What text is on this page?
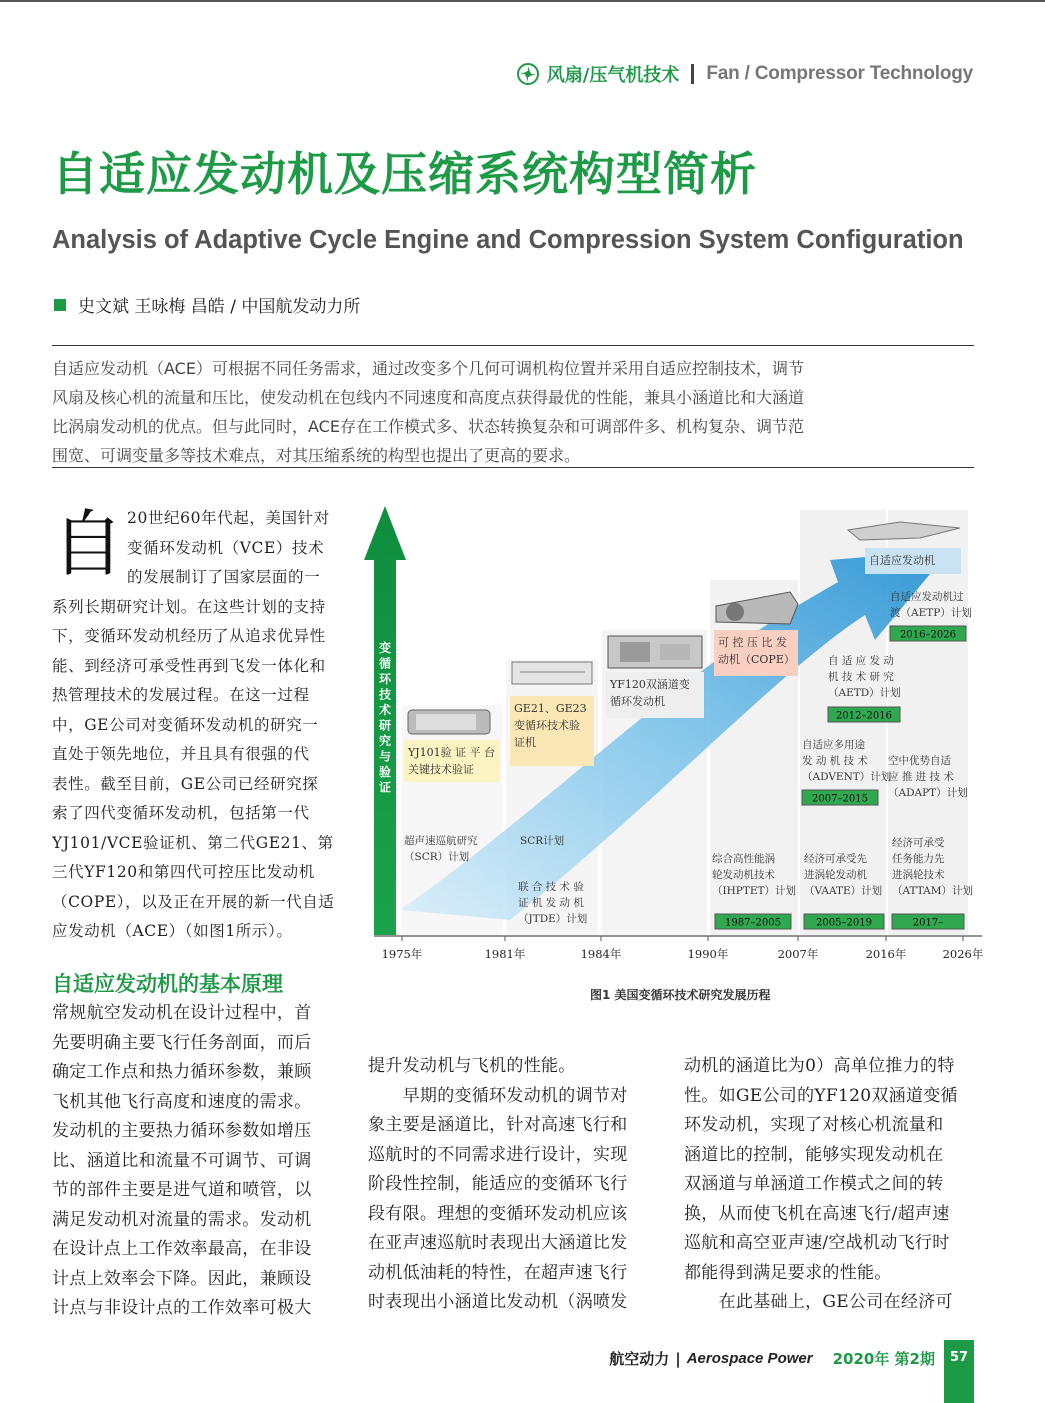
风扇/压气机技术 Fan / Compressor Technology
自适应发动机及压缩系统构型简析
Analysis of Adaptive Cycle Engine and Compression System Configuration
史文斌 王咏梅 昌皓 / 中国航发动力所
自适应发动机（ACE）可根据不同任务需求，通过改变多个几何可调机构位置并采用自适应控制技术，调节
风扇及核心机的流量和压比，使发动机在包线内不同速度和高度点获得最优的性能，兼具小涵道比和大涵道
比涡扇发动机的优点。但与此同时，ACE存在工作模式多、状态转换复杂和可调部件多、机构复杂、调节范
围宽、可调变量多等技术难点，对其压缩系统的构型也提出了更高的要求。
自 20世纪60年代起，美国针对
变循环发动机（VCE）技术
的发展制订了国家层面的一
系列长期研究计划。在这些计划的支持
下，变循环发动机经历了从追求优异性
能、到经济可承受性再到飞发一体化和
热管理技术的发展过程。在这一过程
中，GE公司对变循环发动机的研究一
直处于领先地位，并且具有很强的代
表性。截至目前，GE公司已经研究探
索了四代变循环发动机，包括第一代
YJ101/VCE验证机、第二代GE21、第
三代YF120和第四代可控压比发动机
（COPE），以及正在开展的新一代自适
应发动机（ACE）（如图1所示）。
自适应发动机的基本原理
常规航空发动机在设计过程中，首
先要明确主要飞行任务剖面，而后
确定工作点和热力循环参数，兼顾
飞机其他飞行高度和速度的需求。
发动机的主要热力循环参数如增压
比、涵道比和流量不可调节、可调
节的部件主要是进气道和喷管，以
满足发动机对流量的需求。发动机
在设计点上工作效率最高，在非设
计点上效率会下降。因此，兼顾设
计点与非设计点的工作效率可极大
提升发动机与飞机的性能。
　　早期的变循环发动机的调节对
象主要是涵道比，针对高速飞行和
巡航时的不同需求进行设计，实现
阶段性控制，能适应的变循环飞行
段有限。理想的变循环发动机应该
在亚声速巡航时表现出大涵道比发
动机低油耗的特性，在超声速飞行
时表现出小涵道比发动机（涡喷发
动机的涵道比为0）高单位推力的特
性。如GE公司的YF120双涵道变循
环发动机，实现了对核心机流量和
涵道比的控制，能够实现发动机在
双涵道与单涵道工作模式之间的转
换，从而使飞机在高速飞行/超声速
巡航和高空亚声速/空战机动飞行时
都能得到满足要求的性能。
　　在此基础上，GE公司在经济可
变
循
环
技
术
研
究
与
验
证
1975年	1981年	1984年	1990年	2007年	2016年	2026年
YJ101验 证 平 台
关键技术验证
GE21、GE23
变循环技术验
证机
YF120双涵道变
循环发动机
可 控 压 比 发
动机（COPE）
自适应发动机
超声速巡航研究
（SCR）计划
SCR计划
联 合 技 术 验
证 机 发 动 机
（JTDE）计划
综合高性能涡
轮发动机技术
（IHPTET）计划
1987–2005
经济可承受先
进涡轮发动机
（VAATE）计划
2005–2019
经济可承受
任务能力先
进涡轮技术
（ATTAM）计划
2017–
自适应多用途
发 动 机 技 术
（ADVENT）计划
2007–2015
空中优势自适
应 推 进 技 术
（ADAPT）计划
自 适 应 发 动
机 技 术 研 究
（AETD）计划
2012–2016
自适应发动机过
渡（AETP）计划
2016–2026
图1 美国变循环技术研究发展历程
航空动力 | Aerospace Power 2020年 第2期	57
